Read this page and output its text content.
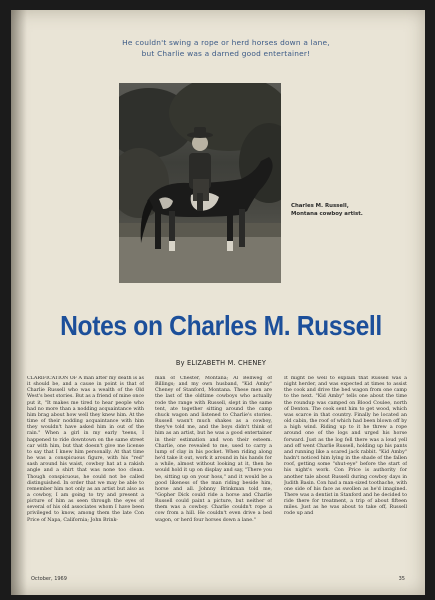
He couldn't swing a rope or herd horses down a lane,
but Charlie was a darned good entertainer!
Charles M. Russell,
Montana cowboy artist.
Notes on Charles M. Russell
By ELIZABETH M. CHENEY

CLARIFICATION OF A man after my death is as it should be, and a cause in point is that of Charlie Russell who was a wealth of the Old West's best stories. But as a friend of mine once put it, "It makes me tired to hear people who had no more than a nodding acquaintance with him brag about how well they knew him. At the time of their nodding acquaintance with him they wouldn't have asked him in out of the rain." When a girl in my early 'teens, I happened to ride downtown on the same street car with him, but that doesn't give me license to say that I knew him personally. At that time he was a conspicuous figure, with his "red" sash around his waist, cowboy hat at a rakish angle and a shirt that was none too clean. Though conspicuous, he could not be called distinguished. In order that we may be able to remember him not only as an artist but also as a cowboy, I am going to try and present a picture of him as seen through the eyes of several of his old associates whom I have been privileged to know, among them the late Con Price of Napa, California; John Brink-

man of Chester, Montana; Al Bellweg of Billings; and my own husband, "Kid Amby" Cheney of Stanford, Montana. These men are the last of the oldtime cowboys who actually rode the range with Russell, slept in the same tent, ate together sitting around the camp chuck wagon and listened to Charlie's stories. Russell wasn't much shakes as a cowboy, they've told me, and the boys didn't think of him as an artist, but he was a good entertainer in their estimation and won their esteem. Charlie, one revealed to me, used to carry a lump of clay in his pocket. When riding along he'd take it out, work it around in his hands for a while, almost without looking at it, then he would hold it up on display and say, "There you be, sitting up on your hoss," and it would be a good likeness of the man riding beside him, horse and all. Johnny Brinkman told me, "Gopher Dick could ride a horse and Charlie Russell could paint a picture, but neither of them was a cowboy. Charlie couldn't rope a cow from a hill. He couldn't even drive a bed wagon, or herd four horses down a lane."

It might be well to explain that Russell was a night herder, and was expected at times to assist the cook and drive the bed wagon from one camp to the next. "Kid Amby" tells one about the time the roundup was camped on Blood Coulee, north of Denton. The cook sent him to get wood, which was scarce in that country. Finally he located an old cabin, the roof of which had been blown off by a high wind. Riding up to it he threw a rope around one of the logs and urged his horse forward. Just as the log fell there was a loud yell and off went Charlie Russell, holding up his pants and running like a scared jack rabbit. "Kid Amby" hadn't noticed him lying in the shade of the fallen roof, getting some "shut-eye" before the start of his night's work. Con Price is authority for another tale about Russell during cowboy days in Judith Basin. Con had a man-sized toothache, with one side of his face as swollen as he'd imagined. There was a dentist in Stanford and he decided to ride there for treatment, a trip of about fifteen miles. Just as he was about to take off, Russell rode up and

October, 1969	35
